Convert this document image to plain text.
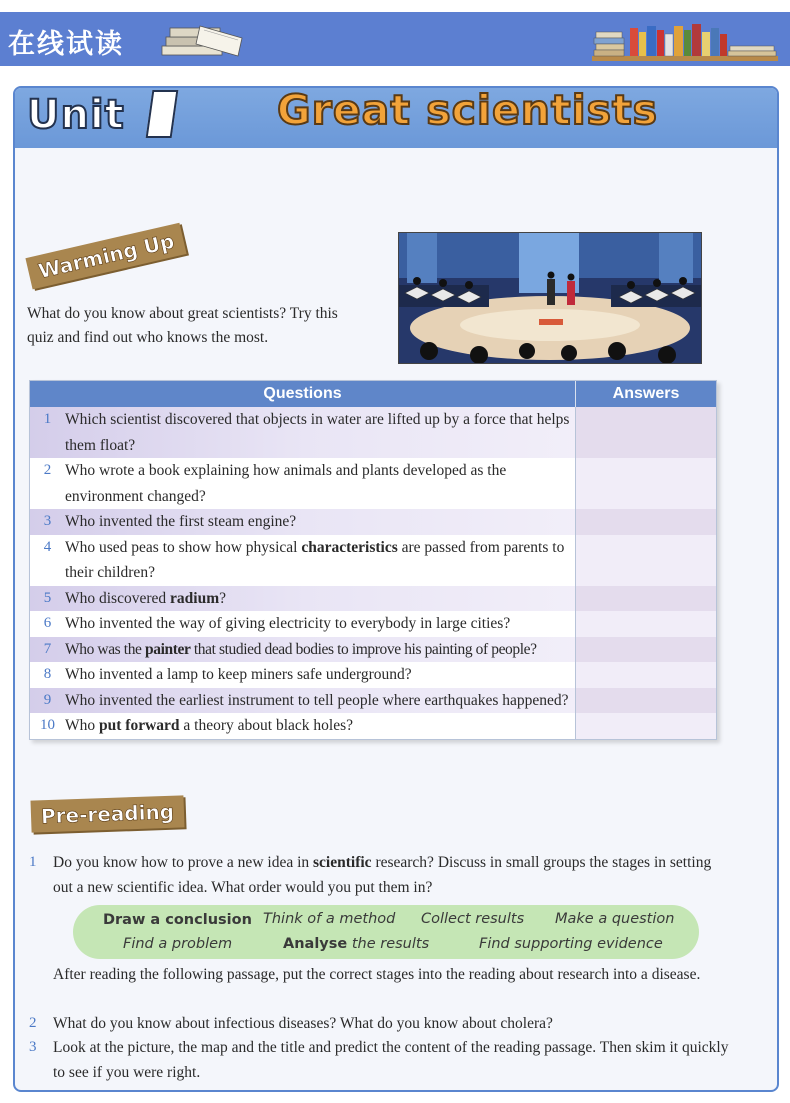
在线试读
Unit	Great scientists
Warming Up
What do you know about great scientists? Try this quiz and find out who knows the most.
Questions	Answers
1 Which scientist discovered that objects in water are lifted up by a force that helps them float?
2 Who wrote a book explaining how animals and plants developed as the environment changed?
3 Who invented the first steam engine?
4 Who used peas to show how physical characteristics are passed from parents to their children?
5 Who discovered radium?
6 Who invented the way of giving electricity to everybody in large cities?
7 Who was the painter that studied dead bodies to improve his painting of people?
8 Who invented a lamp to keep miners safe underground?
9 Who invented the earliest instrument to tell people where earthquakes happened?
10 Who put forward a theory about black holes?
Pre-reading
1 Do you know how to prove a new idea in scientific research? Discuss in small groups the stages in setting out a new scientific idea. What order would you put them in?
Draw a conclusion Think of a method Collect results Make a question
Find a problem	Analyse the results	Find supporting evidence
After reading the following passage, put the correct stages into the reading about research into a disease.
2 What do you know about infectious diseases? What do you know about cholera?
3 Look at the picture, the map and the title and predict the content of the reading passage. Then skim it quickly to see if you were right.
